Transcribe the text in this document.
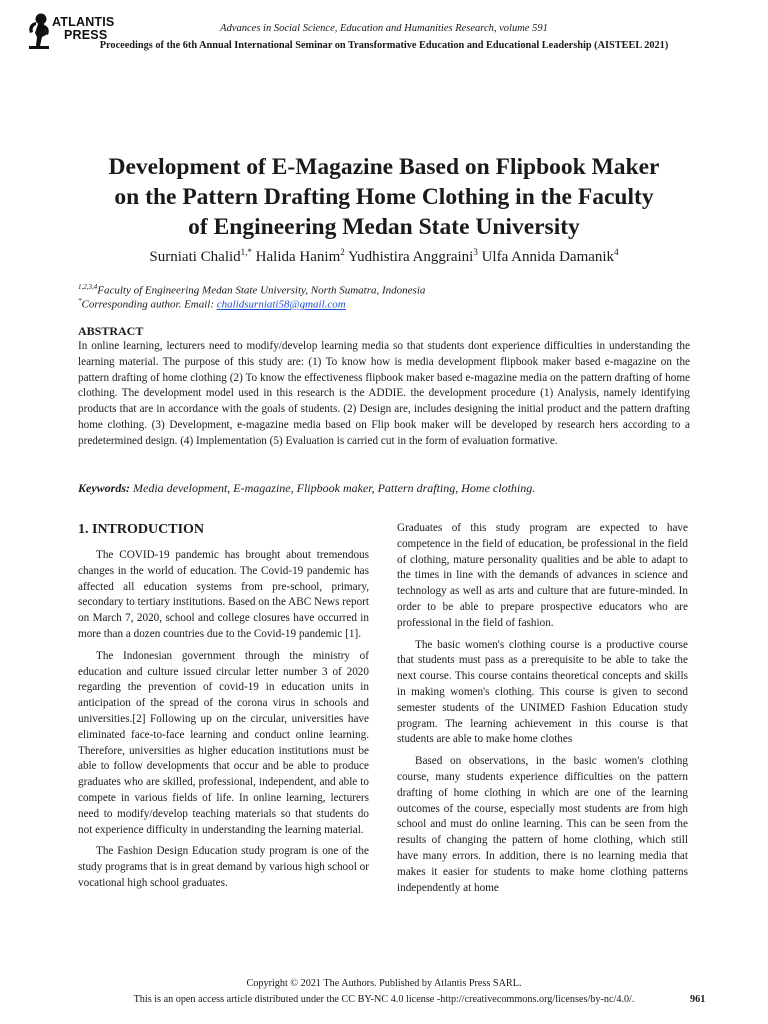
ATLANTIS
PRESS	Advances in Social Science, Education and Humanities Research, volume 591
Proceedings of the 6th Annual International Seminar on Transformative Education and Educational Leadership (AISTEEL 2021)
Development of E-Magazine Based on Flipbook Maker
on the Pattern Drafting Home Clothing in the Faculty
of Engineering Medan State University
Surniati Chalid$^{1,*}$ Halida Hanim$^2$ Yudhistira Anggraini$^3$ Ulfa Annida Damanik$^4$
$^{1,2,3,4}$Faculty of Engineering Medan State University, North Sumatra, Indonesia
*Corresponding author. Email: chalidsurniati58@gmail.com
ABSTRACT

In online learning, lecturers need to modify/develop learning media so that students dont experience difficulties in understanding the learning material. The purpose of this study are: (1) To know how is media development flipbook maker based e-magazine on the pattern drafting of home clothing (2) To know the effectiveness flipbook maker based e-magazine media on the pattern drafting of home clothing. The development model used in this research is the ADDIE. the development procedure (1) Analysis, namely identifying products that are in accordance with the goals of students. (2) Design are, includes designing the initial product and the pattern drafting home clothing. (3) Development, e-magazine media based on Flip book maker will be developed by research hers according to a predetermined design. (4) Implementation (5) Evaluation is carried cut in the form of evaluation formative.

Keywords: Media development, E-magazine, Flipbook maker, Pattern drafting, Home clothing.
1. INTRODUCTION

The COVID-19 pandemic has brought about tremendous changes in the world of education. The Covid-19 pandemic has affected all education systems from pre-school, primary, secondary to tertiary institutions. Based on the ABC News report on March 7, 2020, school and college closures have occurred in more than a dozen countries due to the Covid-19 pandemic [1].

The Indonesian government through the ministry of education and culture issued circular letter number 3 of 2020 regarding the prevention of covid-19 in education units in anticipation of the spread of the corona virus in schools and universities.[2] Following up on the circular, universities have eliminated face-to-face learning and conduct online learning. Therefore, universities as higher education institutions must be able to follow developments that occur and be able to produce graduates who are skilled, professional, independent, and able to compete in various fields of life. In online learning, lecturers need to modify/develop teaching materials so that students do not experience difficulty in understanding the learning material.

The Fashion Design Education study program is one of the study programs that is in great demand by various high school or vocational high school graduates.

Graduates of this study program are expected to have competence in the field of education, be professional in the field of clothing, mature personality qualities and be able to adapt to the times in line with the demands of advances in science and technology as well as arts and culture that are future-minded. In order to be able to prepare prospective educators who are professional in the field of fashion.

The basic women's clothing course is a productive course that students must pass as a prerequisite to be able to take the next course. This course contains theoretical concepts and skills in making women's clothing. This course is given to second semester students of the UNIMED Fashion Education study program. The learning achievement in this course is that students are able to make home clothes

Based on observations, in the basic women's clothing course, many students experience difficulties on the pattern drafting of home clothing in which are one of the learning outcomes of the course, especially most students are from high school and must do online learning. This can be seen from the results of changing the pattern of home clothing, which still have many errors. In addition, there is no learning media that makes it easier for students to make home clothing patterns independently at home

Copyright © 2021 The Authors. Published by Atlantis Press SARL.
This is an open access article distributed under the CC BY-NC 4.0 license -http://creativecommons.org/licenses/by-nc/4.0/.	961
